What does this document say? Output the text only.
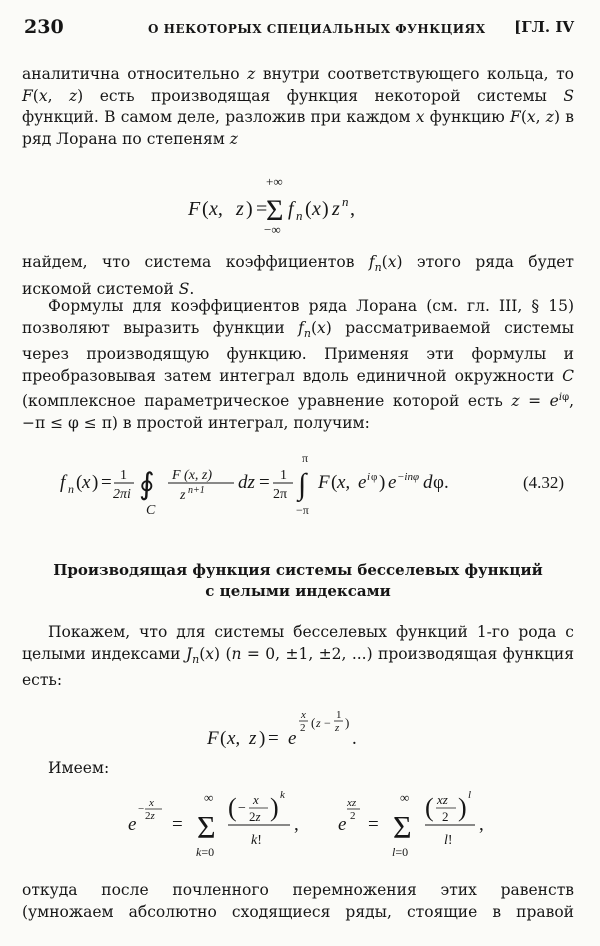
230	О НЕКОТОРЫХ СПЕЦИАЛЬНЫХ ФУНКЦИЯХ [ГЛ. IV

аналитична относительно z внутри соответствующего кольца, то F(x, z) есть производящая функция некоторой системы S функций. В самом деле, разложив при каждом x функцию F(x, z) в ряд Лорана по степеням z

F ( x, z ) =
+∞
Σ
−∞
f n ( x ) z n ,

найдем, что система коэффициентов $f_n(x)$ этого ряда будет искомой системой S.

Формулы для коэффициентов ряда Лорана (см. гл. III, § 15) позволяют выразить функции $f_n(x)$ рассматриваемой системы через производящую функцию. Применяя эти формулы и преобразовывая затем интеграл вдоль единичной окружности C (комплексное параметрическое уравнение которой есть $z = e^{i\varphi}$, −π ≤ φ ≤ π) в простой интеграл, получим:

f n ( x ) = 1
2πi ∮
C
F (x, z)
z n+1 dz = 1
2π
π
∫
−π
F ( x, e i φ ) e −inφ d φ.	(4.32)
Производящая функция системы бесселевых функций
с целыми индексами

Покажем, что для системы бесселевых функций 1-го рода с целыми индексами $J_n(x) (n = 0$, ±1, ±2, ...) производящая функция есть:

F ( x, z ) = e
x
2 ( z −
1
z )
.

Имеем:

e
− x
2z =
∞
Σ
k=0
( −
x
2z ) k
k!
, e
xz
2 =
∞
Σ
l=0
( xz
2 ) l
l!
,

откуда после почленного перемножения этих равенств (умножаем абсолютно сходящиеся ряды, стоящие в правой
